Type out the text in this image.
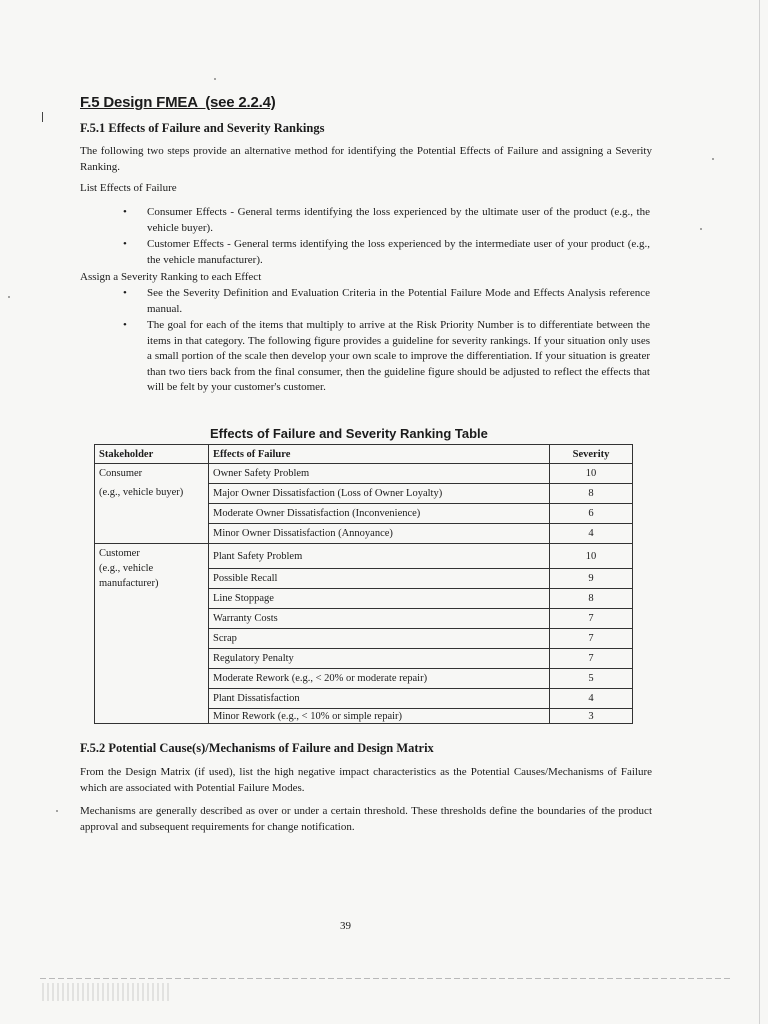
F.5 Design FMEA  (see 2.2.4)
F.5.1 Effects of Failure and Severity Rankings
The following two steps provide an alternative method for identifying the Potential Effects of Failure and assigning a Severity Ranking.
List Effects of Failure
• Consumer Effects - General terms identifying the loss experienced by the ultimate user of the product (e.g., the vehicle buyer).
• Customer Effects - General terms identifying the loss experienced by the intermediate user of your product (e.g., the vehicle manufacturer).
Assign a Severity Ranking to each Effect
• See the Severity Definition and Evaluation Criteria in the Potential Failure Mode and Effects Analysis reference manual.
• The goal for each of the items that multiply to arrive at the Risk Priority Number is to differentiate between the items in that category. The following figure provides a guideline for severity rankings. If your situation only uses a small portion of the scale then develop your own scale to improve the differentiation. If your situation is greater than two tiers back from the final consumer, then the guideline figure should be adjusted to reflect the effects that will be felt by your customer's customer.
Effects of Failure and Severity Ranking Table
Stakeholder	Effects of Failure	Severity

Consumer
(e.g., vehicle buyer)	Owner Safety Problem	10
	Major Owner Dissatisfaction (Loss of Owner Loyalty)	8
	Moderate Owner Dissatisfaction (Inconvenience)	6
	Minor Owner Dissatisfaction (Annoyance)	4

Customer
(e.g., vehicle manufacturer)	Plant Safety Problem	10
	Possible Recall	9
	Line Stoppage	8
	Warranty Costs	7
	Scrap	7
	Regulatory Penalty	7
	Moderate Rework (e.g., < 20% or moderate repair)	5
	Plant Dissatisfaction	4
	Minor Rework (e.g., < 10% or simple repair)	3
F.5.2 Potential Cause(s)/Mechanisms of Failure and Design Matrix
From the Design Matrix (if used), list the high negative impact characteristics as the Potential Causes/Mechanisms of Failure which are associated with Potential Failure Modes.
Mechanisms are generally described as over or under a certain threshold. These thresholds define the boundaries of the product approval and subsequent requirements for change notification.
39
